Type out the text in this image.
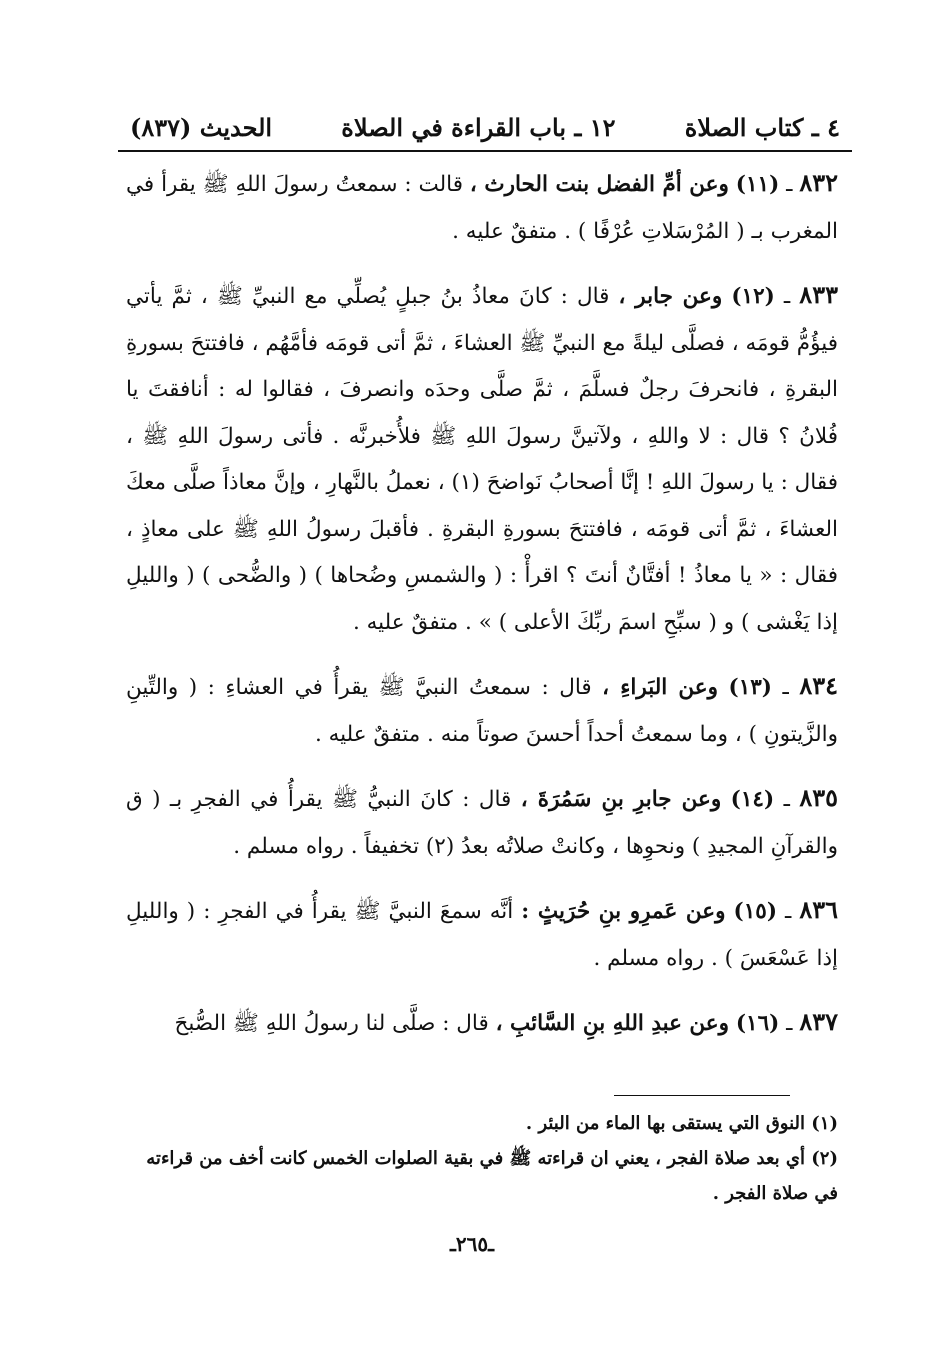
٤ ـ كتاب الصلاة
١٢ ـ باب القراءة في الصلاة
الحديث (٨٣٧)

٨٣٢ ـ (١١) وعن أمِّ الفضل بنت الحارث ، قالت : سمعتُ رسولَ اللهِ ﷺ يقرأ في المغرب بـ ( المُرْسَلاتِ عُرْفًا ) . متفقٌ عليه .

٨٣٣ ـ (١٢) وعن جابر ، قال : كانَ معاذُ بنُ جبلٍ يُصلِّي مع النبيِّ ﷺ ، ثمَّ يأتي فيؤُمُّ قومَه ، فصلَّى ليلةً مع النبيِّ ﷺ العشاءَ ، ثمَّ أتى قومَه فأمَّهُم ، فافتتحَ بسورةِ البقرةِ ، فانحرفَ رجلٌ فسلَّمَ ، ثمَّ صلَّى وحدَه وانصرفَ ، فقالوا له : أنافقتَ يا فُلانُ ؟ قال : لا واللهِ ، ولآتينَّ رسولَ اللهِ ﷺ فلأُخبرنَّه . فأتى رسولَ اللهِ ﷺ ، فقال : يا رسولَ اللهِ ! إنَّا أصحابُ نَواضحَ (١) ، نعملُ بالنَّهارِ ، وإنَّ معاذاً صلَّى معكَ العشاءَ ، ثمَّ أتى قومَه ، فافتتحَ بسورةِ البقرةِ . فأقبلَ رسولُ اللهِ ﷺ على معاذٍ ، فقال : « يا معاذُ ! أفتَّانٌ أنتَ ؟ اقرأْ : ( والشمسِ وضُحاها ) ( والضُّحى ) ( والليلِ إذا يَغْشى ) و ( سبِّحِ اسمَ ربِّكَ الأعلى ) » . متفقٌ عليه .

٨٣٤ ـ (١٣) وعن البَراءِ ، قال : سمعتُ النبيَّ ﷺ يقرأُ في العشاءِ : ( والتِّينِ والزَّيتونِ ) ، وما سمعتُ أحداً أحسنَ صوتاً منه . متفقٌ عليه .

٨٣٥ ـ (١٤) وعن جابرِ بنِ سَمُرَةَ ، قال : كانَ النبيُّ ﷺ يقرأُ في الفجرِ بـ ( ق والقرآنِ المجيدِ ) ونحوِها ، وكانتْ صلاتُه بعدُ (٢) تخفيفاً . رواه مسلم .

٨٣٦ ـ (١٥) وعن عَمرِو بنِ حُرَيثٍ : أنَّه سمعَ النبيَّ ﷺ يقرأُ في الفجرِ : ( والليلِ إذا عَسْعَسَ ) . رواه مسلم .

٨٣٧ ـ (١٦) وعن عبدِ اللهِ بنِ السَّائبِ ، قال : صلَّى لنا رسولُ اللهِ ﷺ الصُّبحَ

(١) النوق التي يستقى بها الماء من البئر .

(٢) أي بعد صلاة الفجر ، يعني ان قراءته ﷺ في بقية الصلوات الخمس كانت أخف من قراءته في صلاة الفجر .

ـ٢٦٥ـ
